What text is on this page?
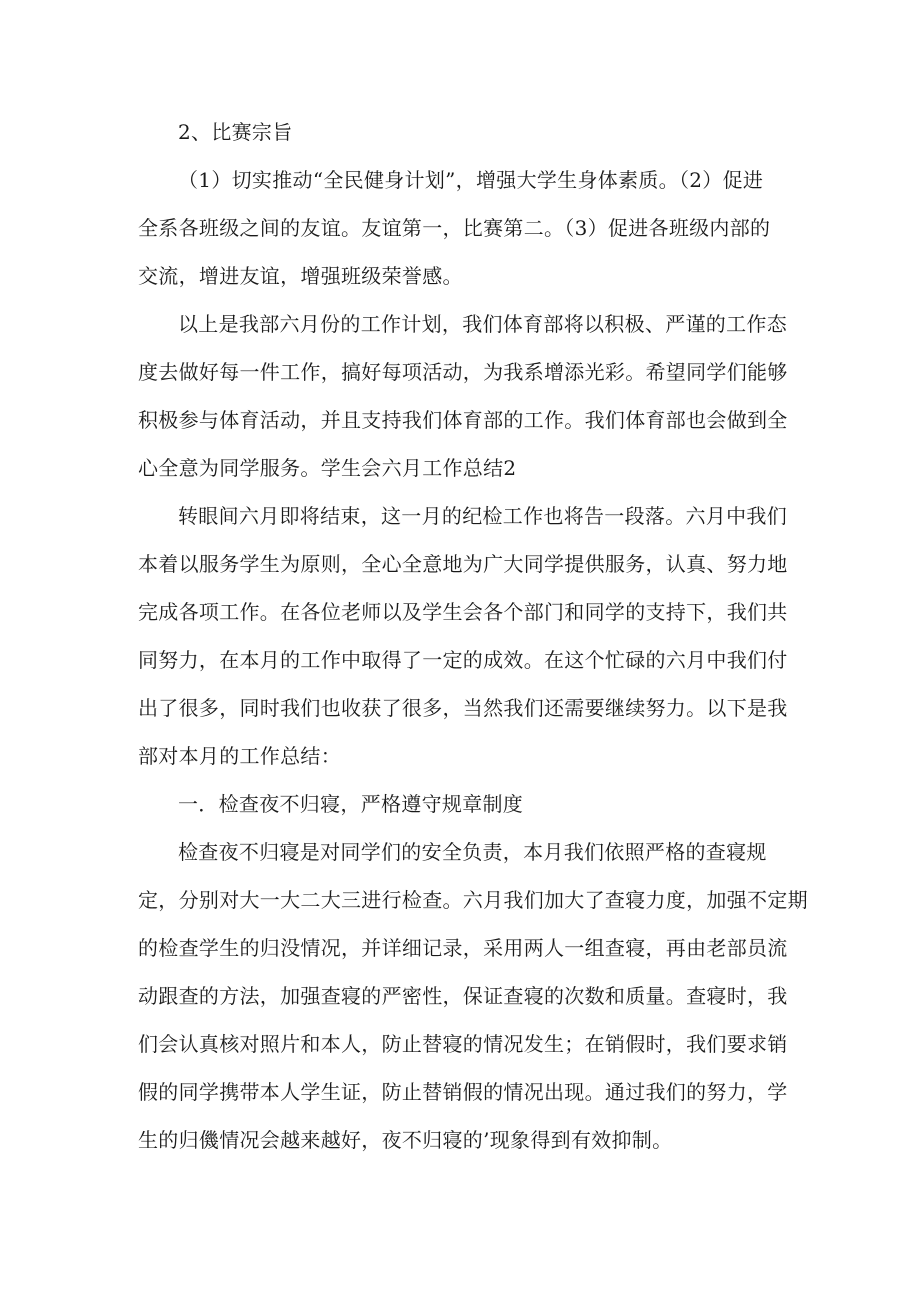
2、比赛宗旨

（1）切实推动“全民健身计划”，增强大学生身体素质。（2）促进

全系各班级之间的友谊。友谊第一，比赛第二。（3）促进各班级内部的

交流，增进友谊，增强班级荣誉感。

以上是我部六月份的工作计划，我们体育部将以积极、严谨的工作态

度去做好每一件工作，搞好每项活动，为我系增添光彩。希望同学们能够

积极参与体育活动，并且支持我们体育部的工作。我们体育部也会做到全

心全意为同学服务。学生会六月工作总结2

转眼间六月即将结束，这一月的纪检工作也将告一段落。六月中我们

本着以服务学生为原则，全心全意地为广大同学提供服务，认真、努力地

完成各项工作。在各位老师以及学生会各个部门和同学的支持下，我们共

同努力，在本月的工作中取得了一定的成效。在这个忙碌的六月中我们付

出了很多，同时我们也收获了很多，当然我们还需要继续努力。以下是我

部对本月的工作总结：

一．检查夜不归寝，严格遵守规章制度

检查夜不归寝是对同学们的安全负责，本月我们依照严格的查寝规

定，分别对大一大二大三进行检查。六月我们加大了查寝力度，加强不定期

的检查学生的归没情况，并详细记录，采用两人一组查寝，再由老部员流

动跟查的方法，加强查寝的严密性，保证查寝的次数和质量。查寝时，我

们会认真核对照片和本人，防止替寝的情况发生；在销假时，我们要求销

假的同学携带本人学生证，防止替销假的情况出现。通过我们的努力，学

生的归僟情况会越来越好，夜不归寝的’现象得到有效抑制。
